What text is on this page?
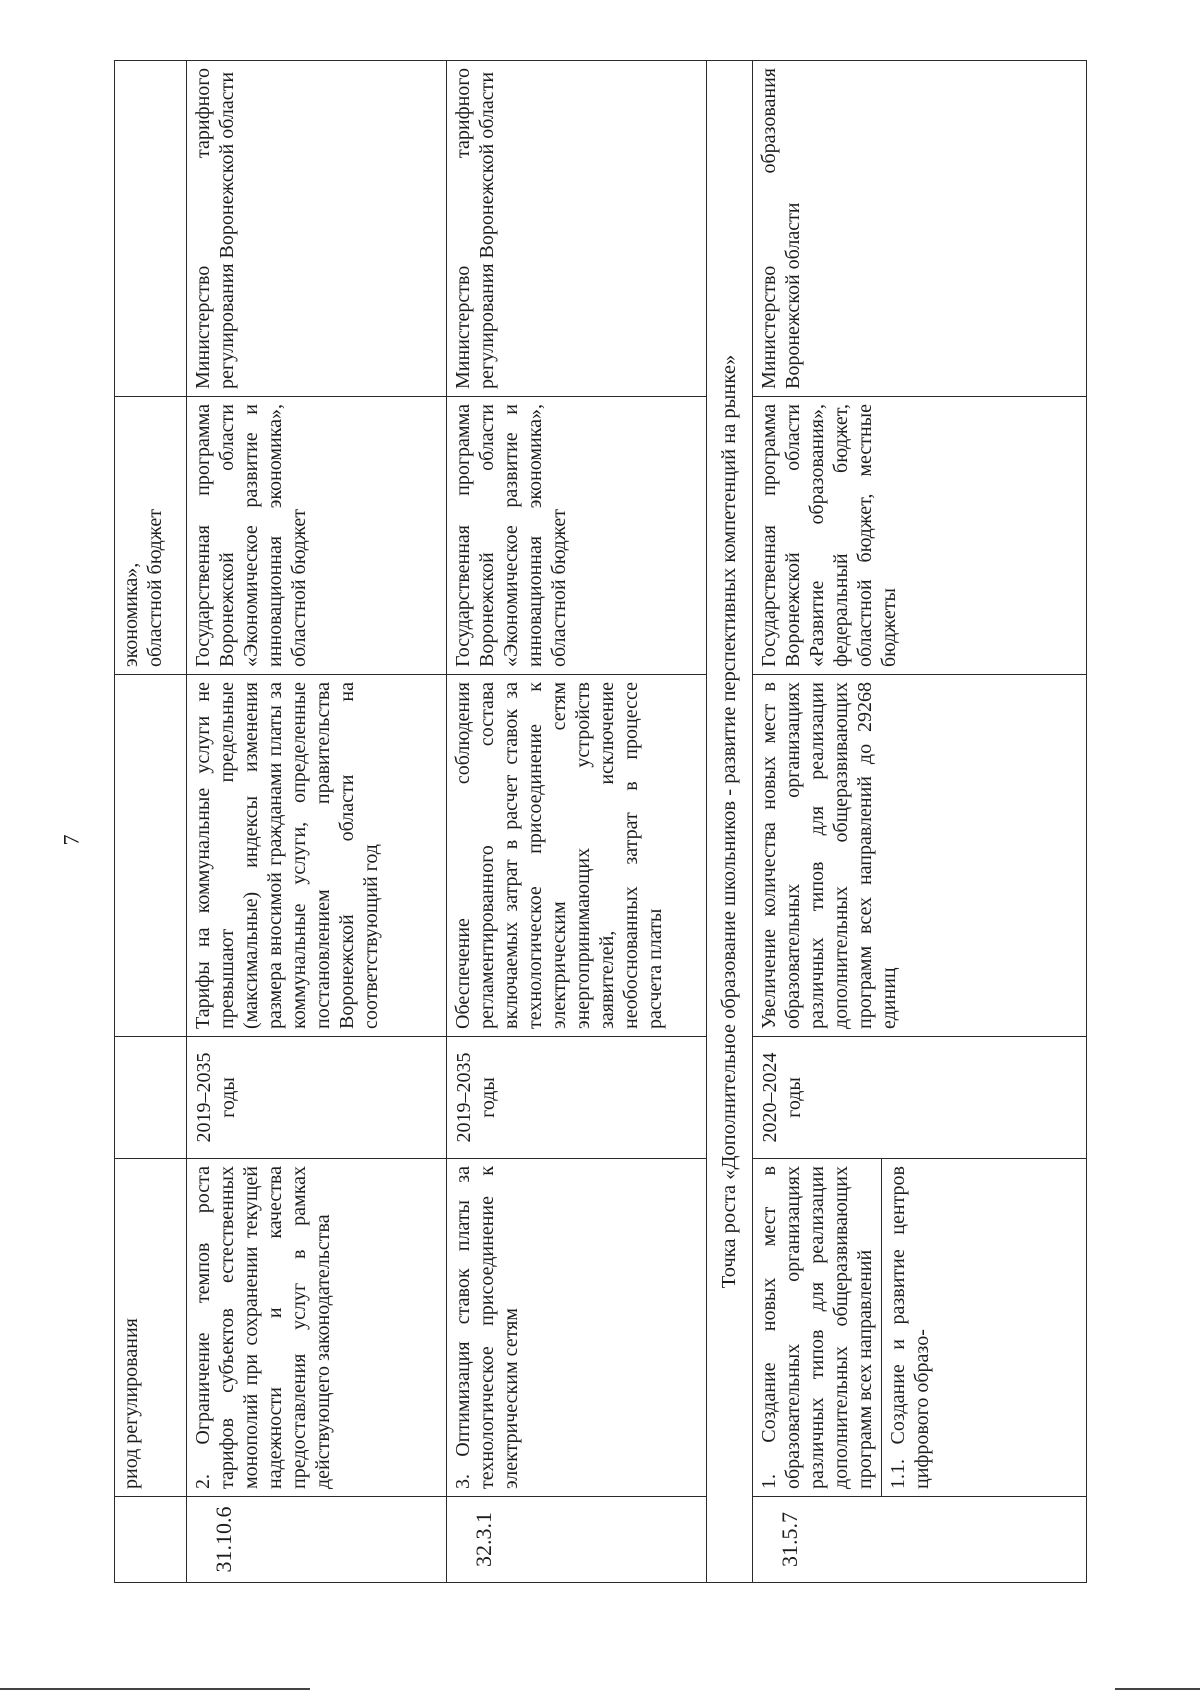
7
	риод регулирования			экономика»,
областной бюджет	
31.10.6	2. Ограничение темпов роста тарифов субъектов естественных монополий при сохранении текущей надежности и качества предоставления услуг в рамках действующего законодательства	2019–2035 годы	Тарифы на коммунальные услуги не превышают предельные (максимальные) индексы изменения размера вносимой гражданами платы за коммунальные услуги, определенные постановлением правительства Воронежской области на соответствующий год	Государственная программа Воронежской области «Экономическое развитие и инновационная экономика», областной бюджет	Министерство тарифного регулирования Воронежской области
32.3.1	3. Оптимизация ставок платы за технологическое присоединение к электрическим сетям	2019–2035 годы	Обеспечение соблюдения регламентированного состава включаемых затрат в расчет ставок за технологическое присоединение к электрическим сетям энергопринимающих устройств заявителей, исключение необоснованных затрат в процессе расчета платы	Государственная программа Воронежской области «Экономическое развитие и инновационная экономика», областной бюджет	Министерство тарифного регулирования Воронежской области
Точка роста «Дополнительное образование школьников - развитие перспективных компетенций на рынке»					
31.5.7	1. Создание новых мест в образовательных организациях различных типов для реализации дополнительных общеразвивающих программ всех направлений 1.1. Создание и развитие центров цифрового образо-	2020–2024 годы	Увеличение количества новых мест в образовательных организациях различных типов для реализации дополнительных общеразвивающих программ всех направлений до 29268 единиц	Государственная программа Воронежской области «Развитие образования», федеральный бюджет, областной бюджет, местные бюджеты	Министерство образования Воронежской области
